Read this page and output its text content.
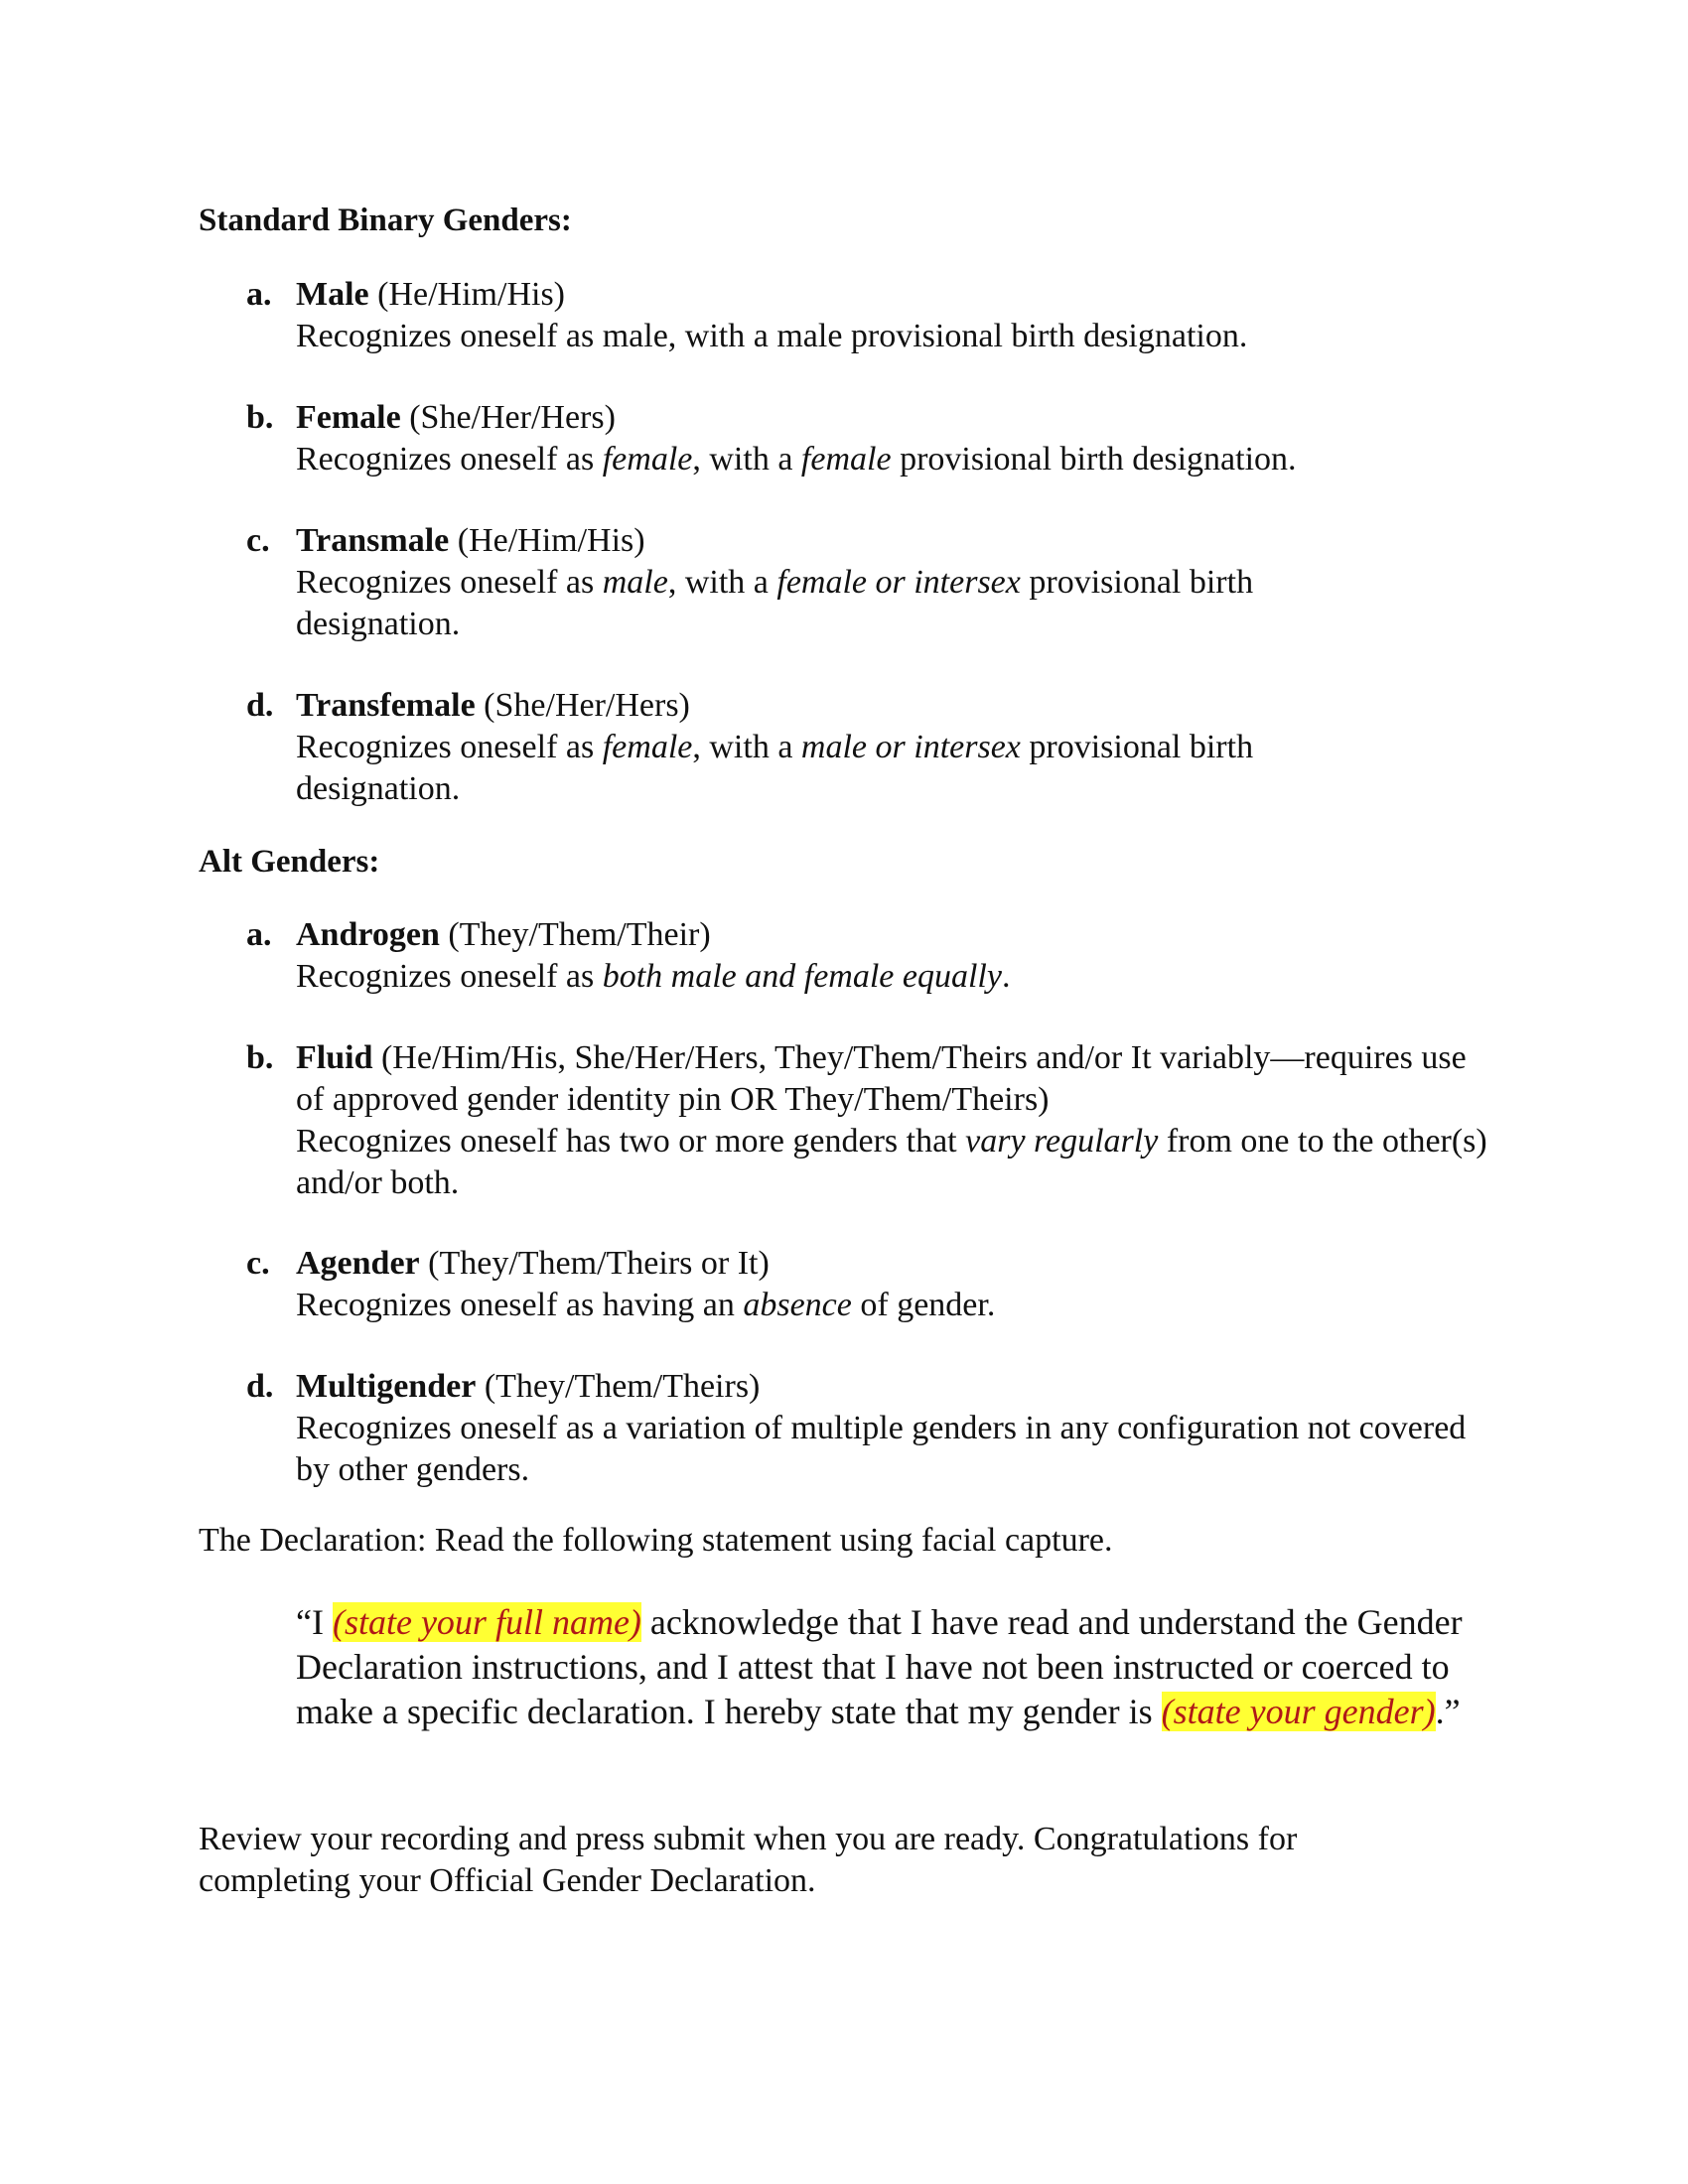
Standard Binary Genders:
a. Male (He/Him/His)
Recognizes oneself as male, with a male provisional birth designation.
b. Female (She/Her/Hers)
Recognizes oneself as female, with a female provisional birth designation.
c. Transmale (He/Him/His)
Recognizes oneself as male, with a female or intersex provisional birth designation.
d. Transfemale (She/Her/Hers)
Recognizes oneself as female, with a male or intersex provisional birth designation.
Alt Genders:
a. Androgen (They/Them/Their)
Recognizes oneself as both male and female equally.
b. Fluid (He/Him/His, She/Her/Hers, They/Them/Theirs and/or It variably—requires use of approved gender identity pin OR They/Them/Theirs)
Recognizes oneself has two or more genders that vary regularly from one to the other(s) and/or both.
c. Agender (They/Them/Theirs or It)
Recognizes oneself as having an absence of gender.
d. Multigender (They/Them/Theirs)
Recognizes oneself as a variation of multiple genders in any configuration not covered by other genders.
The Declaration: Read the following statement using facial capture.
“I (state your full name) acknowledge that I have read and understand the Gender Declaration instructions, and I attest that I have not been instructed or coerced to make a specific declaration. I hereby state that my gender is (state your gender).”
Review your recording and press submit when you are ready. Congratulations for completing your Official Gender Declaration.
